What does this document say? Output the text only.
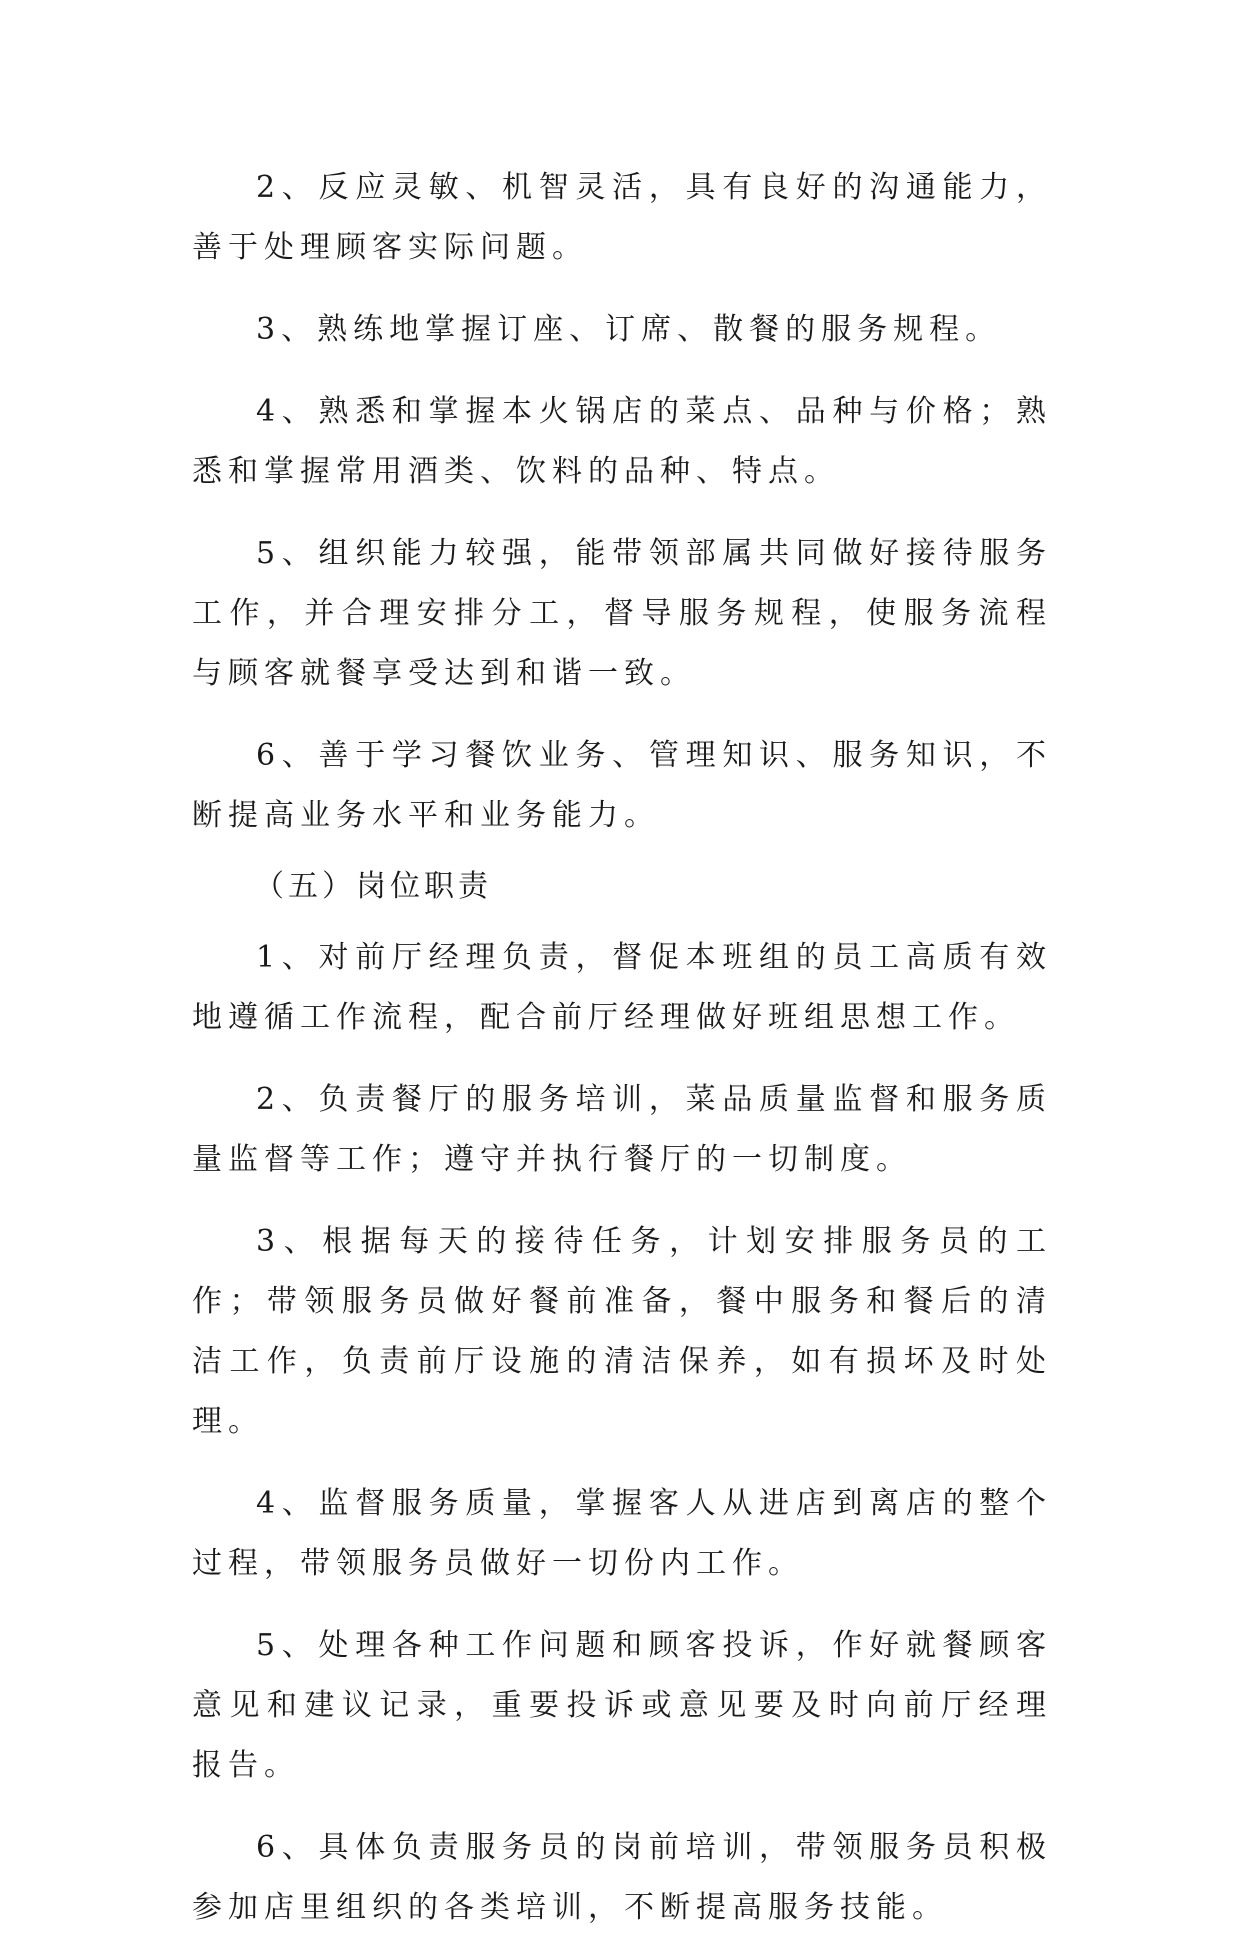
2、反应灵敏、机智灵活，具有良好的沟通能力，善于处理顾客实际问题。

3、熟练地掌握订座、订席、散餐的服务规程。

4、熟悉和掌握本火锅店的菜点、品种与价格；熟悉和掌握常用酒类、饮料的品种、特点。

5、组织能力较强，能带领部属共同做好接待服务工作，并合理安排分工，督导服务规程，使服务流程与顾客就餐享受达到和谐一致。

6、善于学习餐饮业务、管理知识、服务知识，不断提高业务水平和业务能力。

（五）岗位职责

1、对前厅经理负责，督促本班组的员工高质有效地遵循工作流程，配合前厅经理做好班组思想工作。

2、负责餐厅的服务培训，菜品质量监督和服务质量监督等工作；遵守并执行餐厅的一切制度。

3、根据每天的接待任务，计划安排服务员的工作；带领服务员做好餐前准备，餐中服务和餐后的清洁工作，负责前厅设施的清洁保养，如有损坏及时处理。

4、监督服务质量，掌握客人从进店到离店的整个过程，带领服务员做好一切份内工作。

5、处理各种工作问题和顾客投诉，作好就餐顾客意见和建议记录，重要投诉或意见要及时向前厅经理报告。

6、具体负责服务员的岗前培训，带领服务员积极参加店里组织的各类培训，不断提高服务技能。
